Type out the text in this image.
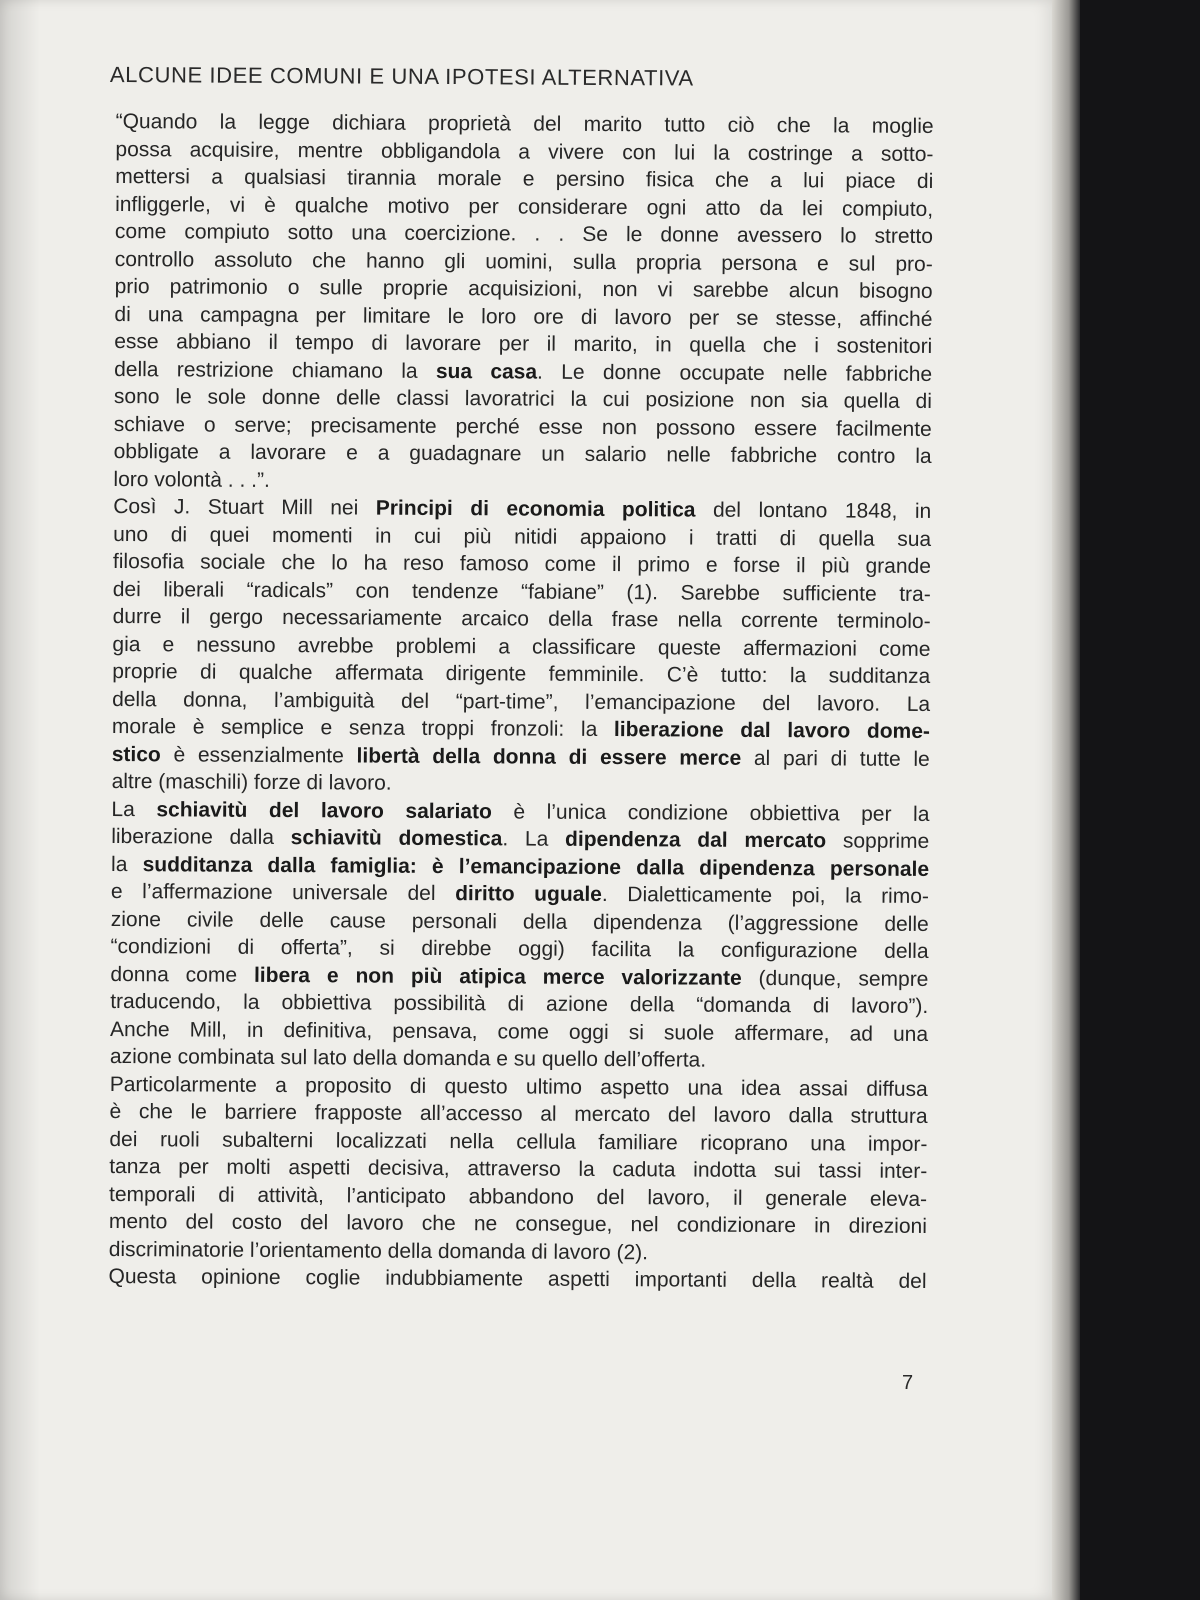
ALCUNE IDEE COMUNI E UNA IPOTESI ALTERNATIVA

“Quando la legge dichiara proprietà del marito tutto ciò che la moglie
possa acquisire, mentre obbligandola a vivere con lui la costringe a sotto-
mettersi a qualsiasi tirannia morale e persino fisica che a lui piace di
infliggerle, vi è qualche motivo per considerare ogni atto da lei compiuto,
come compiuto sotto una coercizione. . . Se le donne avessero lo stretto
controllo assoluto che hanno gli uomini, sulla propria persona e sul pro-
prio patrimonio o sulle proprie acquisizioni, non vi sarebbe alcun bisogno
di una campagna per limitare le loro ore di lavoro per se stesse, affinché
esse abbiano il tempo di lavorare per il marito, in quella che i sostenitori
della restrizione chiamano la sua casa. Le donne occupate nelle fabbriche
sono le sole donne delle classi lavoratrici la cui posizione non sia quella di
schiave o serve; precisamente perché esse non possono essere facilmente
obbligate a lavorare e a guadagnare un salario nelle fabbriche contro la
loro volontà . . .”.

Così J. Stuart Mill nei Principi di economia politica del lontano 1848, in
uno di quei momenti in cui più nitidi appaiono i tratti di quella sua
filosofia sociale che lo ha reso famoso come il primo e forse il più grande
dei liberali “radicals” con tendenze “fabiane” (1). Sarebbe sufficiente tra-
durre il gergo necessariamente arcaico della frase nella corrente terminolo-
gia e nessuno avrebbe problemi a classificare queste affermazioni come
proprie di qualche affermata dirigente femminile. C’è tutto: la sudditanza
della donna, l’ambiguità del “part-time”, l’emancipazione del lavoro. La
morale è semplice e senza troppi fronzoli: la liberazione dal lavoro dome-
stico è essenzialmente libertà della donna di essere merce al pari di tutte le
altre (maschili) forze di lavoro.

La schiavitù del lavoro salariato è l’unica condizione obbiettiva per la
liberazione dalla schiavitù domestica. La dipendenza dal mercato sopprime
la sudditanza dalla famiglia: è l’emancipazione dalla dipendenza personale
e l’affermazione universale del diritto uguale. Dialetticamente poi, la rimo-
zione civile delle cause personali della dipendenza (l’aggressione delle
“condizioni di offerta”, si direbbe oggi) facilita la configurazione della
donna come libera e non più atipica merce valorizzante (dunque, sempre
traducendo, la obbiettiva possibilità di azione della “domanda di lavoro”).
Anche Mill, in definitiva, pensava, come oggi si suole affermare, ad una
azione combinata sul lato della domanda e su quello dell’offerta.

Particolarmente a proposito di questo ultimo aspetto una idea assai diffusa
è che le barriere frapposte all’accesso al mercato del lavoro dalla struttura
dei ruoli subalterni localizzati nella cellula familiare ricoprano una impor-
tanza per molti aspetti decisiva, attraverso la caduta indotta sui tassi inter-
temporali di attività, l’anticipato abbandono del lavoro, il generale eleva-
mento del costo del lavoro che ne consegue, nel condizionare in direzioni
discriminatorie l’orientamento della domanda di lavoro (2).

Questa opinione coglie indubbiamente aspetti importanti della realtà del

7
